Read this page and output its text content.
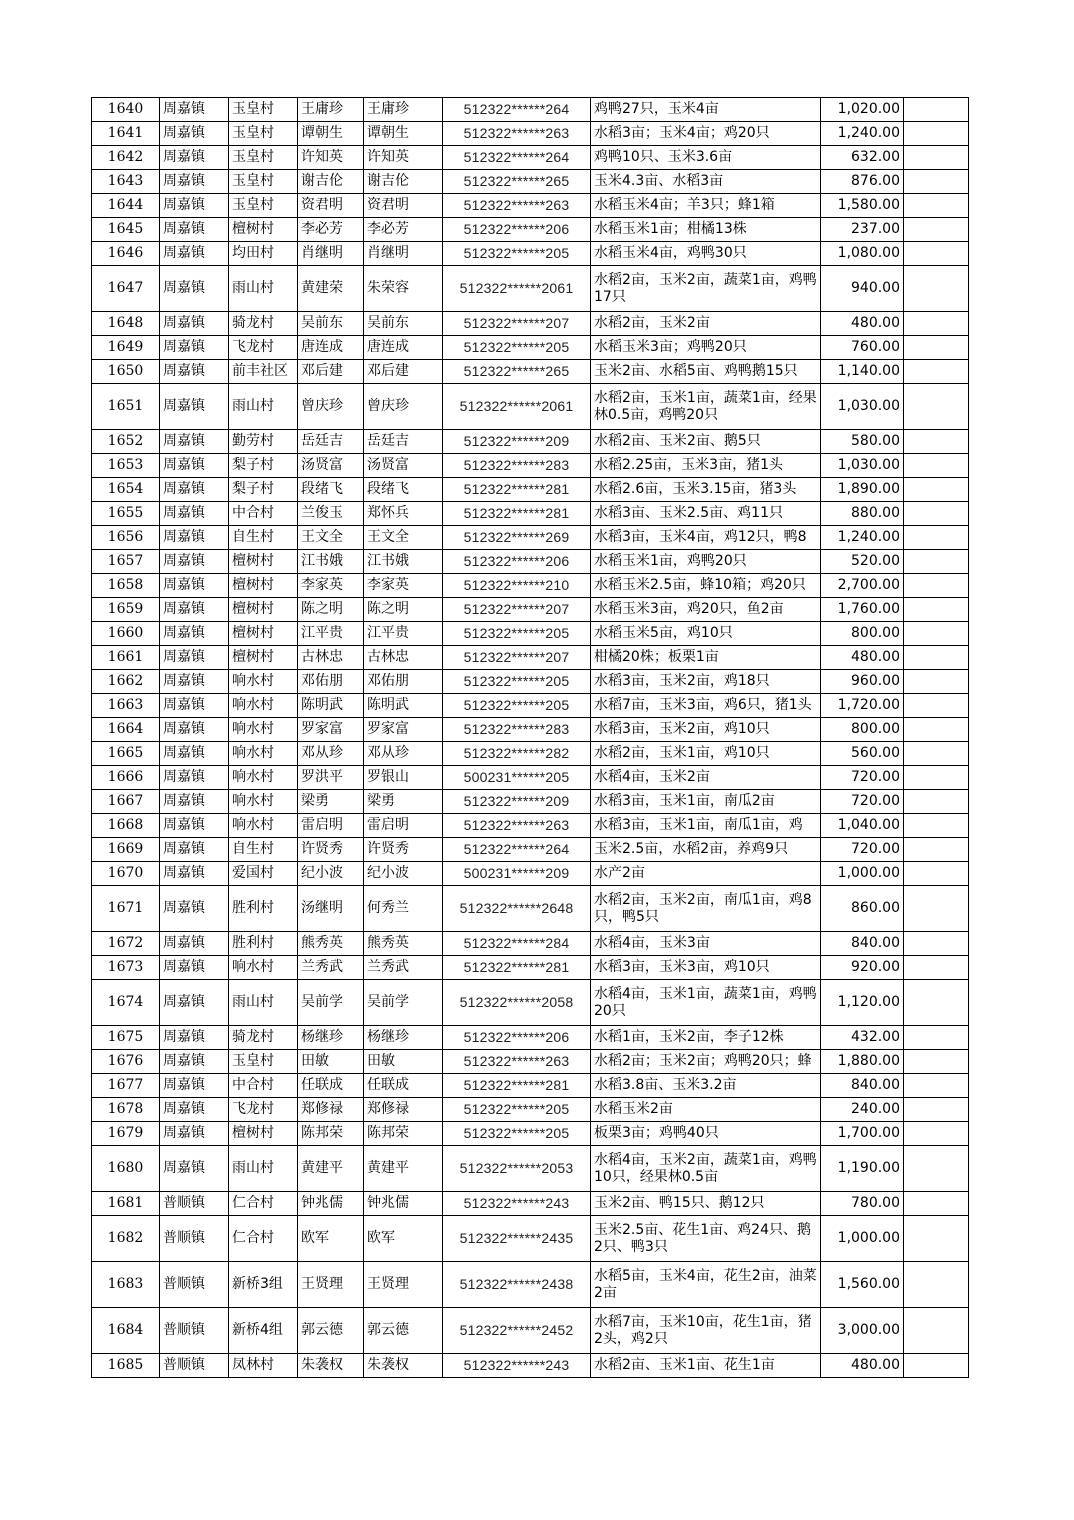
1640	周嘉镇	玉皇村	王庸珍	王庸珍	512322******264	鸡鸭27只，玉米4亩	1,020.00	
1641	周嘉镇	玉皇村	谭朝生	谭朝生	512322******263	水稻3亩；玉米4亩；鸡20只	1,240.00	
1642	周嘉镇	玉皇村	许知英	许知英	512322******264	鸡鸭10只、玉米3.6亩	632.00	
1643	周嘉镇	玉皇村	谢吉伦	谢吉伦	512322******265	玉米4.3亩、水稻3亩	876.00	
1644	周嘉镇	玉皇村	资君明	资君明	512322******263	水稻玉米4亩；羊3只；蜂1箱	1,580.00	
1645	周嘉镇	檀树村	李必芳	李必芳	512322******206	水稻玉米1亩；柑橘13株	237.00	
1646	周嘉镇	均田村	肖继明	肖继明	512322******205	水稻玉米4亩，鸡鸭30只	1,080.00	
1647	周嘉镇	雨山村	黄建荣	朱荣容	512322******2061	水稻2亩，玉米2亩，蔬菜1亩，鸡鸭17只	940.00	
1648	周嘉镇	骑龙村	吴前东	吴前东	512322******207	水稻2亩，玉米2亩	480.00	
1649	周嘉镇	飞龙村	唐连成	唐连成	512322******205	水稻玉米3亩；鸡鸭20只	760.00	
1650	周嘉镇	前丰社区	邓后建	邓后建	512322******265	玉米2亩、水稻5亩、鸡鸭鹅15只	1,140.00	
1651	周嘉镇	雨山村	曾庆珍	曾庆珍	512322******2061	水稻2亩，玉米1亩，蔬菜1亩，经果林0.5亩，鸡鸭20只	1,030.00	
1652	周嘉镇	勤劳村	岳廷吉	岳廷吉	512322******209	水稻2亩、玉米2亩、鹅5只	580.00	
1653	周嘉镇	梨子村	汤贤富	汤贤富	512322******283	水稻2.25亩，玉米3亩，猪1头	1,030.00	
1654	周嘉镇	梨子村	段绪飞	段绪飞	512322******281	水稻2.6亩，玉米3.15亩，猪3头	1,890.00	
1655	周嘉镇	中合村	兰俊玉	郑怀兵	512322******281	水稻3亩、玉米2.5亩、鸡11只	880.00	
1656	周嘉镇	自生村	王文全	王文全	512322******269	水稻3亩，玉米4亩，鸡12只，鸭8	1,240.00	
1657	周嘉镇	檀树村	江书娥	江书娥	512322******206	水稻玉米1亩，鸡鸭20只	520.00	
1658	周嘉镇	檀树村	李家英	李家英	512322******210	水稻玉米2.5亩，蜂10箱；鸡20只	2,700.00	
1659	周嘉镇	檀树村	陈之明	陈之明	512322******207	水稻玉米3亩，鸡20只，鱼2亩	1,760.00	
1660	周嘉镇	檀树村	江平贵	江平贵	512322******205	水稻玉米5亩，鸡10只	800.00	
1661	周嘉镇	檀树村	古林忠	古林忠	512322******207	柑橘20株；板栗1亩	480.00	
1662	周嘉镇	响水村	邓佑朋	邓佑朋	512322******205	水稻3亩，玉米2亩，鸡18只	960.00	
1663	周嘉镇	响水村	陈明武	陈明武	512322******205	水稻7亩，玉米3亩，鸡6只，猪1头	1,720.00	
1664	周嘉镇	响水村	罗家富	罗家富	512322******283	水稻3亩，玉米2亩，鸡10只	800.00	
1665	周嘉镇	响水村	邓从珍	邓从珍	512322******282	水稻2亩，玉米1亩，鸡10只	560.00	
1666	周嘉镇	响水村	罗洪平	罗银山	500231******205	水稻4亩，玉米2亩	720.00	
1667	周嘉镇	响水村	梁勇	梁勇	512322******209	水稻3亩，玉米1亩，南瓜2亩	720.00	
1668	周嘉镇	响水村	雷启明	雷启明	512322******263	水稻3亩，玉米1亩，南瓜1亩，鸡	1,040.00	
1669	周嘉镇	自生村	许贤秀	许贤秀	512322******264	玉米2.5亩，水稻2亩，养鸡9只	720.00	
1670	周嘉镇	爱国村	纪小波	纪小波	500231******209	水产2亩	1,000.00	
1671	周嘉镇	胜利村	汤继明	何秀兰	512322******2648	水稻2亩，玉米2亩，南瓜1亩，鸡8只，鸭5只	860.00	
1672	周嘉镇	胜利村	熊秀英	熊秀英	512322******284	水稻4亩，玉米3亩	840.00	
1673	周嘉镇	响水村	兰秀武	兰秀武	512322******281	水稻3亩，玉米3亩，鸡10只	920.00	
1674	周嘉镇	雨山村	吴前学	吴前学	512322******2058	水稻4亩，玉米1亩，蔬菜1亩，鸡鸭20只	1,120.00	
1675	周嘉镇	骑龙村	杨继珍	杨继珍	512322******206	水稻1亩，玉米2亩，李子12株	432.00	
1676	周嘉镇	玉皇村	田敏	田敏	512322******263	水稻2亩；玉米2亩；鸡鸭20只；蜂	1,880.00	
1677	周嘉镇	中合村	任联成	任联成	512322******281	水稻3.8亩、玉米3.2亩	840.00	
1678	周嘉镇	飞龙村	郑修禄	郑修禄	512322******205	水稻玉米2亩	240.00	
1679	周嘉镇	檀树村	陈邦荣	陈邦荣	512322******205	板栗3亩；鸡鸭40只	1,700.00	
1680	周嘉镇	雨山村	黄建平	黄建平	512322******2053	水稻4亩，玉米2亩，蔬菜1亩，鸡鸭10只，经果林0.5亩	1,190.00	
1681	普顺镇	仁合村	钟兆儒	钟兆儒	512322******243	玉米2亩、鸭15只、鹅12只	780.00	
1682	普顺镇	仁合村	欧军	欧军	512322******2435	玉米2.5亩、花生1亩、鸡24只、鹅2只、鸭3只	1,000.00	
1683	普顺镇	新桥3组	王贤理	王贤理	512322******2438	水稻5亩，玉米4亩，花生2亩，油菜2亩	1,560.00	
1684	普顺镇	新桥4组	郭云德	郭云德	512322******2452	水稻7亩，玉米10亩，花生1亩，猪2头，鸡2只	3,000.00	
1685	普顺镇	凤林村	朱袭权	朱袭权	512322******243	水稻2亩、玉米1亩、花生1亩	480.00	
